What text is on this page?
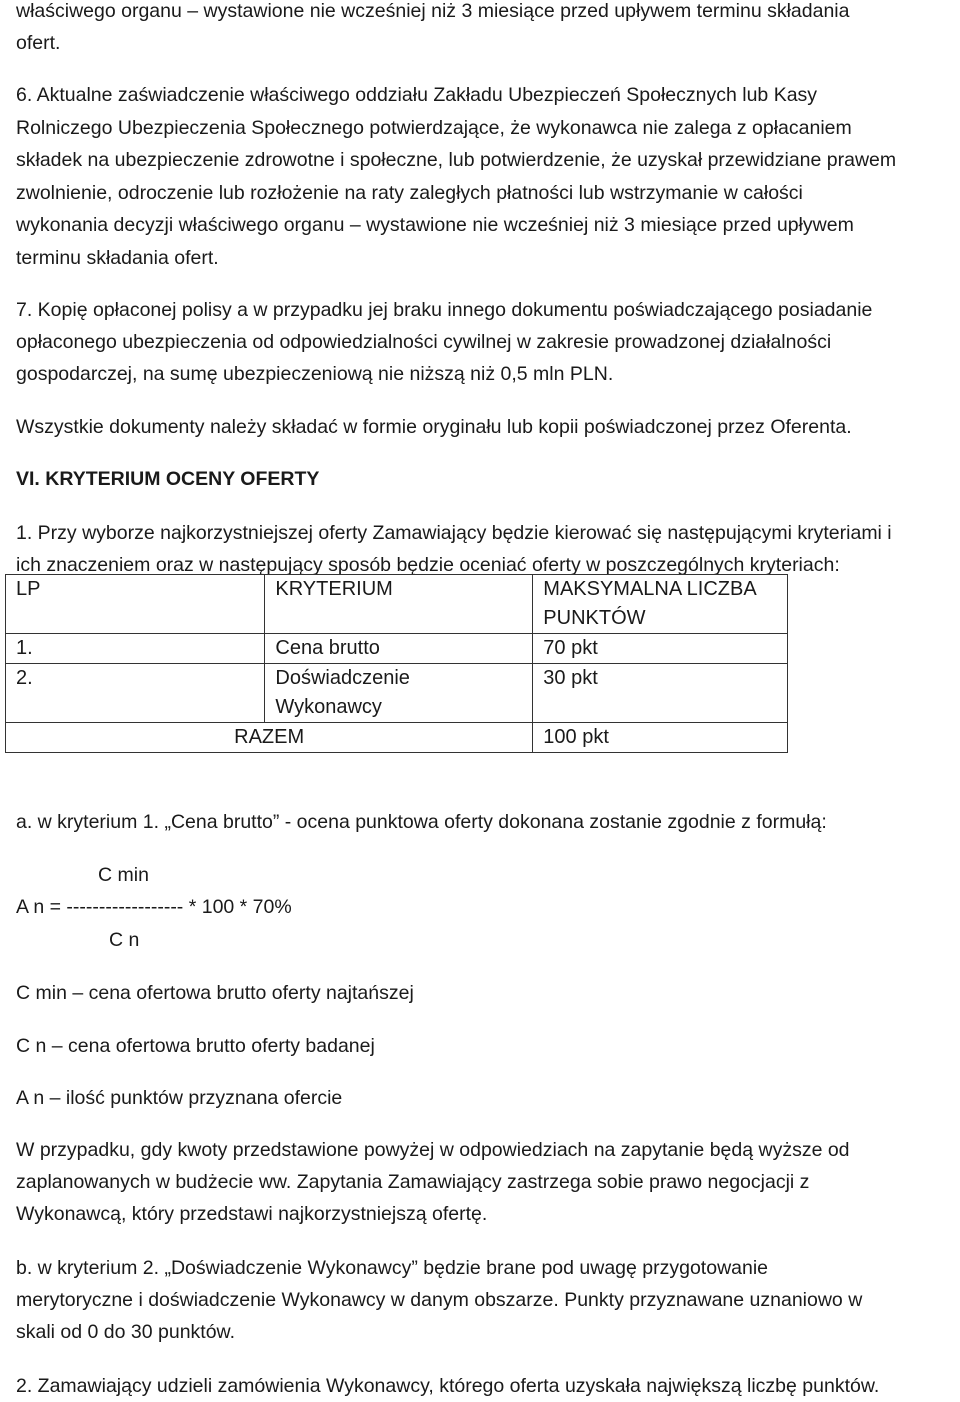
właściwego organu – wystawione nie wcześniej niż 3 miesiące przed upływem terminu składania
ofert.

6. Aktualne zaświadczenie właściwego oddziału Zakładu Ubezpieczeń Społecznych lub Kasy
Rolniczego Ubezpieczenia Społecznego potwierdzające, że wykonawca nie zalega z opłacaniem
składek na ubezpieczenie zdrowotne i społeczne, lub potwierdzenie, że uzyskał przewidziane prawem
zwolnienie, odroczenie lub rozłożenie na raty zaległych płatności lub wstrzymanie w całości
wykonania decyzji właściwego organu – wystawione nie wcześniej niż 3 miesiące przed upływem
terminu składania ofert.

7. Kopię opłaconej polisy a w przypadku jej braku innego dokumentu poświadczającego posiadanie
opłaconego ubezpieczenia od odpowiedzialności cywilnej w zakresie prowadzonej działalności
gospodarczej, na sumę ubezpieczeniową nie niższą niż 0,5 mln PLN.

Wszystkie dokumenty należy składać w formie oryginału lub kopii poświadczonej przez Oferenta.

VI. KRYTERIUM OCENY OFERTY

1. Przy wyborze najkorzystniejszej oferty Zamawiający będzie kierować się następującymi kryteriami i
ich znaczeniem oraz w następujący sposób będzie oceniać oferty w poszczególnych kryteriach:

LP	KRYTERIUM	MAKSYMALNA LICZBA PUNKTÓW
1.	Cena brutto	70 pkt
2.	Doświadczenie Wykonawcy	30 pkt
RAZEM		100 pkt

a. w kryterium 1. „Cena brutto” - ocena punktowa oferty dokonana zostanie zgodnie z formułą:

C min
A n = ------------------ * 100 * 70%
C n

C min – cena ofertowa brutto oferty najtańszej

C n – cena ofertowa brutto oferty badanej

A n – ilość punktów przyznana ofercie

W przypadku, gdy kwoty przedstawione powyżej w odpowiedziach na zapytanie będą wyższe od
zaplanowanych w budżecie ww. Zapytania Zamawiający zastrzega sobie prawo negocjacji z
Wykonawcą, który przedstawi najkorzystniejszą ofertę.

b. w kryterium 2. „Doświadczenie Wykonawcy” będzie brane pod uwagę przygotowanie
merytoryczne i doświadczenie Wykonawcy w danym obszarze. Punkty przyznawane uznaniowo w
skali od 0 do 30 punktów.

2. Zamawiający udzieli zamówienia Wykonawcy, którego oferta uzyskała największą liczbę punktów.
